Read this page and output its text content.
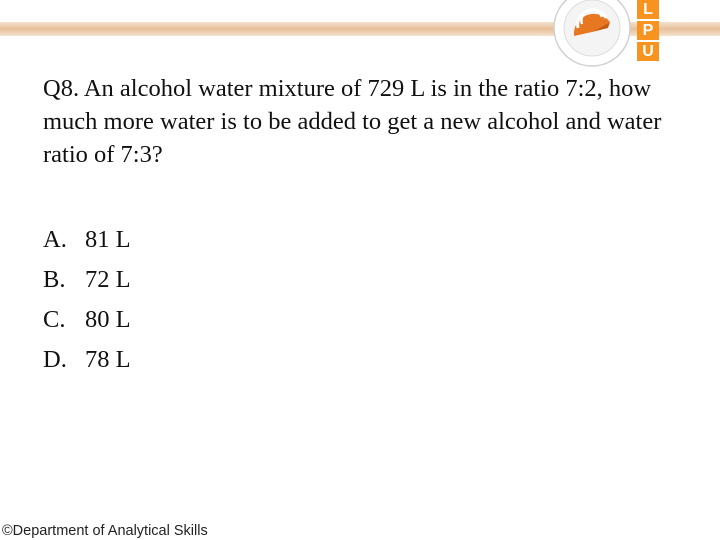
L
P
U
Q8. An alcohol water mixture of 729 L is in the ratio 7:2, how much more water is to be added to get a new alcohol and water ratio of 7:3?
A. 81 L
B. 72 L
C. 80 L
D. 78 L
©Department of Analytical Skills
